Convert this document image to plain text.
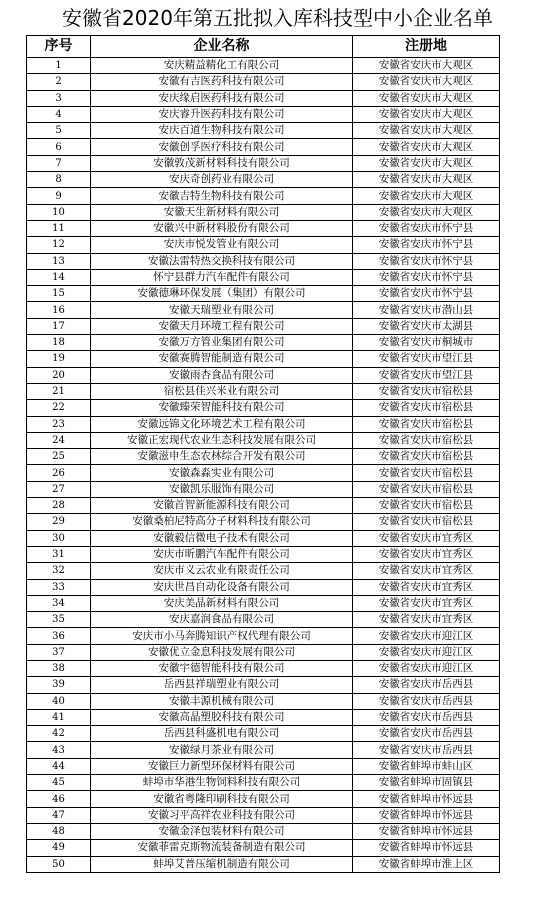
安徽省2020年第五批拟入库科技型中小企业名单
序号	企业名称	注册地
1	安庆精益精化工有限公司	安徽省安庆市大观区
2	安徽有吉医药科技有限公司	安徽省安庆市大观区
3	安庆缘启医药科技有限公司	安徽省安庆市大观区
4	安庆睿升医药科技有限公司	安徽省安庆市大观区
5	安庆百道生物科技有限公司	安徽省安庆市大观区
6	安徽创孚医疗科技有限公司	安徽省安庆市大观区
7	安徽敦茂新材料科技有限公司	安徽省安庆市大观区
8	安庆奇创药业有限公司	安徽省安庆市大观区
9	安徽吉特生物科技有限公司	安徽省安庆市大观区
10	安徽天生新材料有限公司	安徽省安庆市大观区
11	安徽兴中新材料股份有限公司	安徽省安庆市怀宁县
12	安庆市悦发管业有限公司	安徽省安庆市怀宁县
13	安徽法雷特热交换科技有限公司	安徽省安庆市怀宁县
14	怀宁县群力汽车配件有限公司	安徽省安庆市怀宁县
15	安徽德琳环保发展（集团）有限公司	安徽省安庆市怀宁县
16	安徽天瑞塑业有限公司	安徽省安庆市潜山县
17	安徽天月环境工程有限公司	安徽省安庆市太湖县
18	安徽万方管业集团有限公司	安徽省安庆市桐城市
19	安徽赛腾智能制造有限公司	安徽省安庆市望江县
20	安徽雨杏食品有限公司	安徽省安庆市望江县
21	宿松县佳兴米业有限公司	安徽省安庆市宿松县
22	安徽臻荣智能科技有限公司	安徽省安庆市宿松县
23	安徽远锦文化环境艺术工程有限公司	安徽省安庆市宿松县
24	安徽正宏现代农业生态科技发展有限公司	安徽省安庆市宿松县
25	安徽滋申生态农林综合开发有限公司	安徽省安庆市宿松县
26	安徽森淼实业有限公司	安徽省安庆市宿松县
27	安徽凯乐服饰有限公司	安徽省安庆市宿松县
28	安徽首智新能源科技有限公司	安徽省安庆市宿松县
29	安徽桑柏尼特高分子材料科技有限公司	安徽省安庆市宿松县
30	安徽毅信微电子技术有限公司	安徽省安庆市宜秀区
31	安庆市昕鹏汽车配件有限公司	安徽省安庆市宜秀区
32	安庆市义云农业有限责任公司	安徽省安庆市宜秀区
33	安庆世昌自动化设备有限公司	安徽省安庆市宜秀区
34	安庆美晶新材料有限公司	安徽省安庆市宜秀区
35	安庆嘉润食品有限公司	安徽省安庆市宜秀区
36	安庆市小马奔腾知识产权代理有限公司	安徽省安庆市迎江区
37	安徽优立金息科技发展有限公司	安徽省安庆市迎江区
38	安徽宇德智能科技有限公司	安徽省安庆市迎江区
39	岳西县祥瑞塑业有限公司	安徽省安庆市岳西县
40	安徽丰源机械有限公司	安徽省安庆市岳西县
41	安徽高晶塑胶科技有限公司	安徽省安庆市岳西县
42	岳西县科盛机电有限公司	安徽省安庆市岳西县
43	安徽绿月茶业有限公司	安徽省安庆市岳西县
44	安徽巨力新型环保材料有限公司	安徽省蚌埠市蚌山区
45	蚌埠市华港生物饲料科技有限公司	安徽省蚌埠市固镇县
46	安徽省粤隆印刷科技有限公司	安徽省蚌埠市怀远县
47	安徽习平高祥农业科技有限公司	安徽省蚌埠市怀远县
48	安徽金泽包装材料有限公司	安徽省蚌埠市怀远县
49	安徽菲雷克斯物流装备制造有限公司	安徽省蚌埠市怀远县
50	蚌埠艾普压缩机制造有限公司	安徽省蚌埠市淮上区
